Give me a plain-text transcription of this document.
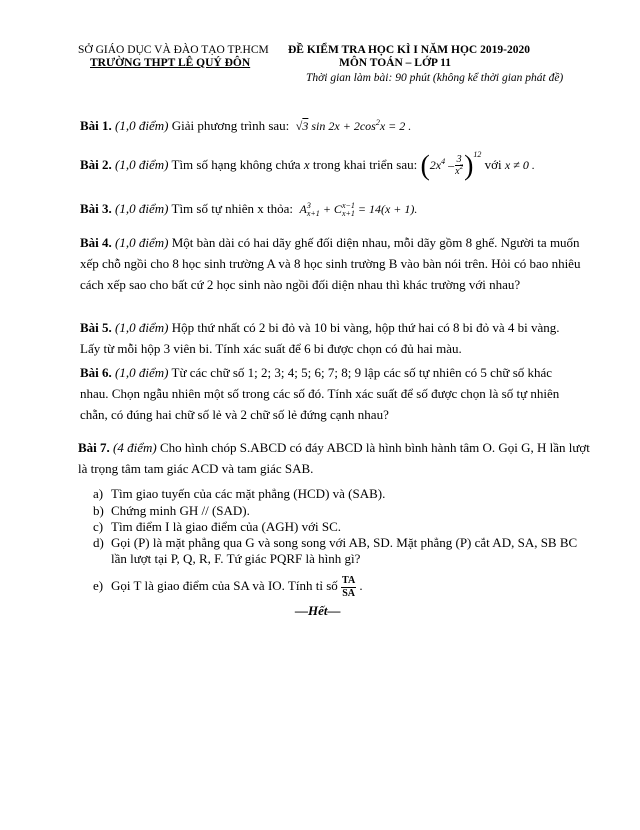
SỞ GIÁO DỤC VÀ ĐÀO TẠO TP.HCM
TRƯỜNG THPT LÊ QUÝ ĐÔN
ĐỀ KIỂM TRA HỌC KÌ I NĂM HỌC 2019-2020
MÔN TOÁN – LỚP 11
Thời gian làm bài: 90 phút (không kể thời gian phát đề)
Bài 1. (1,0 điểm) Giải phương trình sau: √3 $\sin 2x + 2\cos^2x = 2$ .
Bài 2. (1,0 điểm) Tìm số hạng không chứa x trong khai triển sau: $(2x^4 - \frac{3}{x^2} )^{12}$ với x ≠ 0 .
Bài 3. (1,0 điểm) Tìm số tự nhiên x thỏa: A 3
x+1 + C x−1
x+1 = 14(x + 1).
Bài 4. (1,0 điểm) Một bàn dài có hai dãy ghế đối diện nhau, mỗi dãy gồm 8 ghế. Người ta muốn xếp chỗ ngồi cho 8 học sinh trường A và 8 học sinh trường B vào bàn nói trên. Hỏi có bao nhiêu cách xếp sao cho bất cứ 2 học sinh nào ngồi đối diện nhau thì khác trường với nhau?
Bài 5. (1,0 điểm) Hộp thứ nhất có 2 bi đỏ và 10 bi vàng, hộp thứ hai có 8 bi đỏ và 4 bi vàng. Lấy từ mỗi hộp 3 viên bi. Tính xác suất để 6 bi được chọn có đủ hai màu.
Bài 6. (1,0 điểm) Từ các chữ số 1; 2; 3; 4; 5; 6; 7; 8; 9 lập các số tự nhiên có 5 chữ số khác nhau. Chọn ngẫu nhiên một số trong các số đó. Tính xác suất để số được chọn là số tự nhiên chẵn, có đúng hai chữ số lẻ và 2 chữ số lẻ đứng cạnh nhau?
Bài 7. (4 điểm) Cho hình chóp S.ABCD có đáy ABCD là hình bình hành tâm O. Gọi G, H lần lượt là trọng tâm tam giác ACD và tam giác SAB.
a) Tìm giao tuyến của các mặt phẳng (HCD) và (SAB).
b) Chứng minh GH // (SAD).
c) Tìm điểm I là giao điểm của (AGH) với SC.
d) Gọi (P) là mặt phẳng qua G và song song với AB, SD. Mặt phẳng (P) cắt AD, SA, SB BC lần lượt tại P, Q, R, F. Tứ giác PQRF là hình gì?
e) Gọi T là giao điểm của SA và IO. Tính tỉ số $\frac{TA}{SA}$ .
—Hết—
